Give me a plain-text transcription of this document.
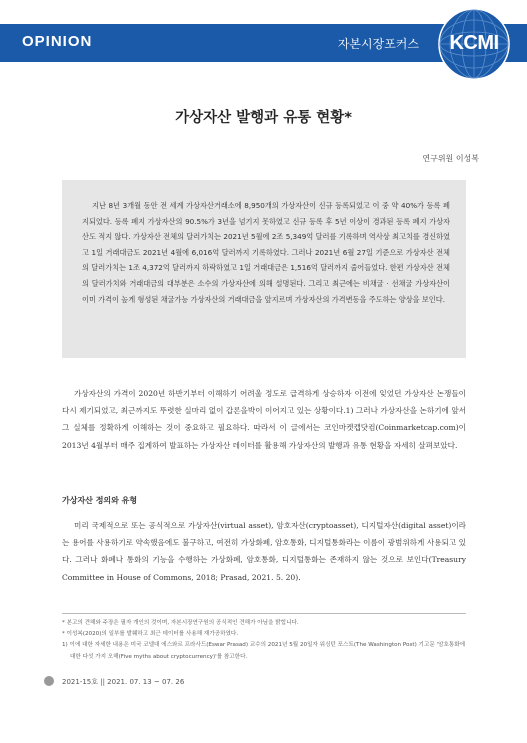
OPINION	자본시장포커스	KCMI
가상자산 발행과 유통 현황*
연구위원 이성복

지난 8년 3개월 동안 전 세계 가상자산거래소에 8,950개의 가상자산이 신규 등록되었고 이 중 약 40%가 등록 폐지되었다. 등록 폐지 가상자산의 90.5%가 3년을 넘기지 못하였고 신규 등록 후 5년 이상이 경과된 등록 폐지 가상자산도 적지 않다. 가상자산 전체의 달러가치는 2021년 5월에 2조 5,349억 달러를 기록하며 역사상 최고치를 경신하였고 1일 거래대금도 2021년 4월에 6,016억 달러까지 기록하였다. 그러나 2021년 6월 27일 기준으로 가상자산 전체의 달러가치는 1조 4,372억 달러까지 하락하였고 1일 거래대금은 1,516억 달러까지 줄어들었다. 한편 가상자산 전체의 달러가치와 거래대금의 대부분은 소수의 가상자산에 의해 설명된다. 그리고 최근에는 비채굴 · 선채굴 가상자산이 이미 가격이 높게 형성된 채굴가능 가상자산의 거래대금을 앞지르며 가상자산의 가격변동을 주도하는 양상을 보인다.

가상자산의 가격이 2020년 하반기부터 이해하기 어려울 정도로 급격하게 상승하자 이전에 잊었던 가상자산 논쟁들이 다시 제기되었고, 최근까지도 뚜렷한 실마리 없이 갑론을박이 이어지고 있는 상황이다.1) 그러나 가상자산을 논하기에 앞서 그 실체를 정확하게 이해하는 것이 중요하고 필요하다. 따라서 이 글에서는 코인마켓캡닷컴(Coinmarketcap.com)이 2013년 4월부터 매주 집계하여 발표하는 가상자산 데이터를 활용해 가상자산의 발행과 유통 현황을 자세히 살펴보았다.

가상자산 정의와 유형

미리 국제적으로 또는 공식적으로 가상자산(virtual asset), 암호자산(cryptoasset), 디지털자산(digital asset)이라는 용어를 사용하기로 약속했음에도 불구하고, 여전히 가상화폐, 암호통화, 디지털통화라는 이름이 광범위하게 사용되고 있다. 그러나 화폐나 통화의 기능을 수행하는 가상화폐, 암호통화, 디지털통화는 존재하지 않는 것으로 보인다(Treasury Committee in House of Commons, 2018; Prasad, 2021. 5. 20).

* 본고의 견해와 주장은 필자 개인의 것이며, 자본시장연구원의 공식적인 견해가 아님을 밝힙니다.
* 이성복(2020)의 일부를 발췌하고 최근 데이터를 사용해 재가공하였다.
1) 이에 대한 자세한 내용은 미국 코넬대 에스와르 프라사드(Eswar Prasad) 교수의 2021년 5월 20일자 워싱턴 포스트(The Washington Post) 기고문 '암호통화에 대한 다섯 가지 오해(Five myths about cryptocurrency)'를 참고한다.
2021-15호 || 2021. 07. 13 ~ 07. 26
